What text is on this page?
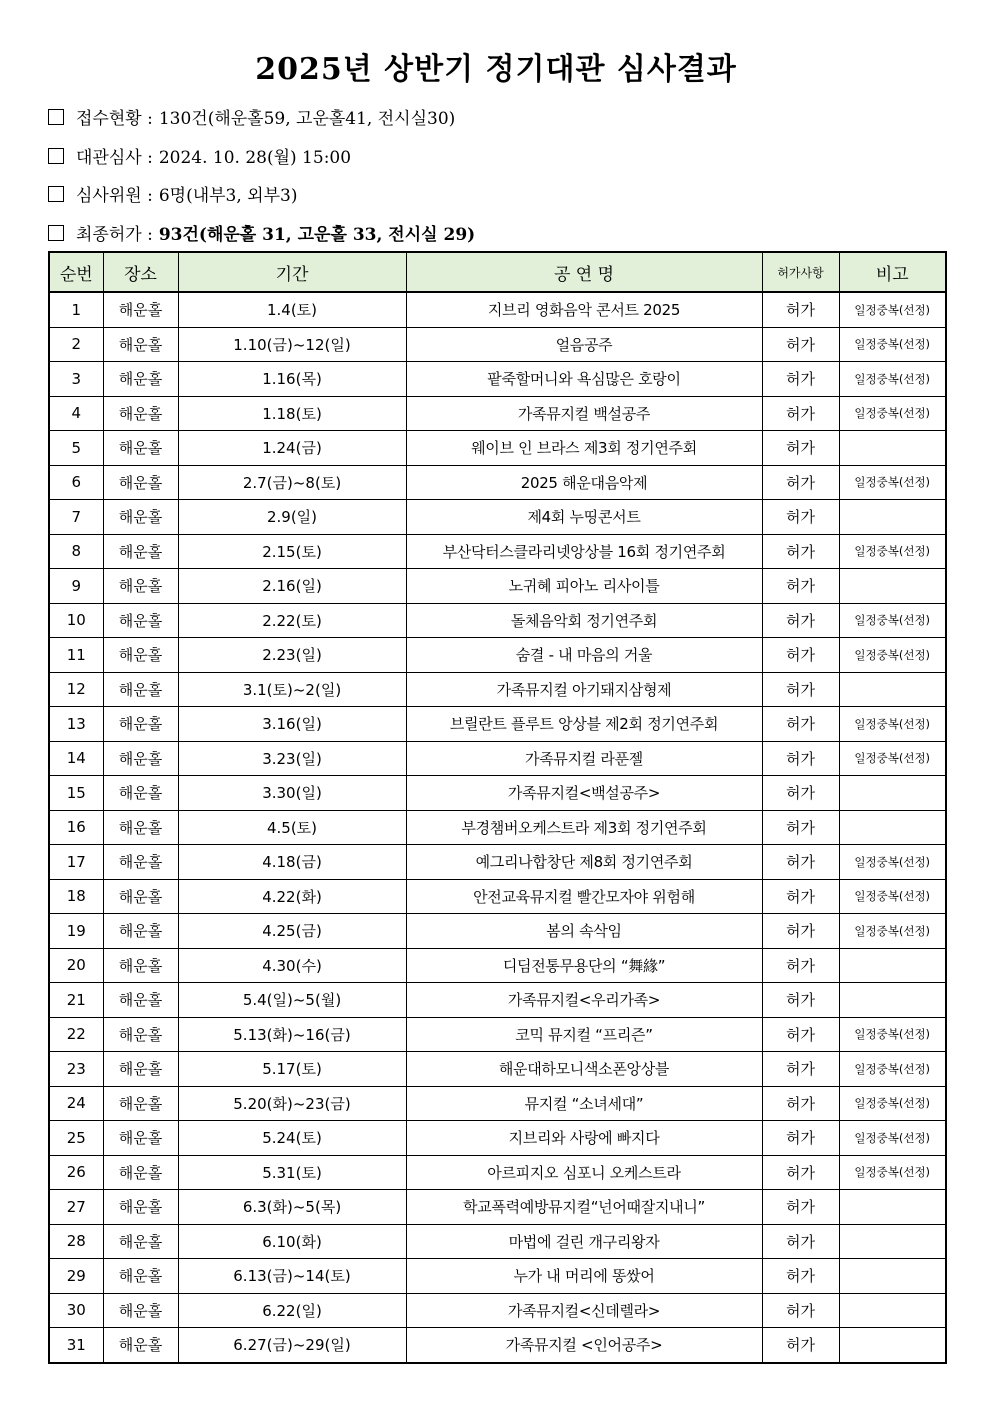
2025년 상반기 정기대관 심사결과
접수현황 : 130건(해운홀59, 고운홀41, 전시실30)
대관심사 : 2024. 10. 28(월) 15:00
심사위원 : 6명(내부3, 외부3)
최종허가 : 93건(해운홀 31, 고운홀 33, 전시실 29)
순번	장소	기간	공 연 명	허가사항	비고
1	해운홀	1.4(토)	지브리 영화음악 콘서트 2025	허가	일정중복(선정)
2	해운홀	1.10(금)~12(일)	얼음공주	허가	일정중복(선정)
3	해운홀	1.16(목)	팥죽할머니와 욕심많은 호랑이	허가	일정중복(선정)
4	해운홀	1.18(토)	가족뮤지컬 백설공주	허가	일정중복(선정)
5	해운홀	1.24(금)	웨이브 인 브라스 제3회 정기연주회	허가	
6	해운홀	2.7(금)~8(토)	2025 해운대음악제	허가	일정중복(선정)
7	해운홀	2.9(일)	제4회 누띵콘서트	허가	
8	해운홀	2.15(토)	부산닥터스클라리넷앙상블 16회 정기연주회	허가	일정중복(선정)
9	해운홀	2.16(일)	노귀혜 피아노 리사이틀	허가	
10	해운홀	2.22(토)	돌체음악회 정기연주회	허가	일정중복(선정)
11	해운홀	2.23(일)	숨결 - 내 마음의 거울	허가	일정중복(선정)
12	해운홀	3.1(토)~2(일)	가족뮤지컬 아기돼지삼형제	허가	
13	해운홀	3.16(일)	브릴란트 플루트 앙상블 제2회 정기연주회	허가	일정중복(선정)
14	해운홀	3.23(일)	가족뮤지컬 라푼젤	허가	일정중복(선정)
15	해운홀	3.30(일)	가족뮤지컬<백설공주>	허가	
16	해운홀	4.5(토)	부경챔버오케스트라 제3회 정기연주회	허가	
17	해운홀	4.18(금)	예그리나합창단 제8회 정기연주회	허가	일정중복(선정)
18	해운홀	4.22(화)	안전교육뮤지컬 빨간모자야 위험해	허가	일정중복(선정)
19	해운홀	4.25(금)	봄의 속삭임	허가	일정중복(선정)
20	해운홀	4.30(수)	디딤전통무용단의 “舞緣”	허가	
21	해운홀	5.4(일)~5(월)	가족뮤지컬<우리가족>	허가	
22	해운홀	5.13(화)~16(금)	코믹 뮤지컬 “프리즌”	허가	일정중복(선정)
23	해운홀	5.17(토)	해운대하모니색소폰앙상블	허가	일정중복(선정)
24	해운홀	5.20(화)~23(금)	뮤지컬 “소녀세대”	허가	일정중복(선정)
25	해운홀	5.24(토)	지브리와 사랑에 빠지다	허가	일정중복(선정)
26	해운홀	5.31(토)	아르피지오 심포니 오케스트라	허가	일정중복(선정)
27	해운홀	6.3(화)~5(목)	학교폭력예방뮤지컬“넌어때잘지내니”	허가	
28	해운홀	6.10(화)	마법에 걸린 개구리왕자	허가	
29	해운홀	6.13(금)~14(토)	누가 내 머리에 똥쌌어	허가	
30	해운홀	6.22(일)	가족뮤지컬<신데렐라>	허가	
31	해운홀	6.27(금)~29(일)	가족뮤지컬 <인어공주>	허가	
